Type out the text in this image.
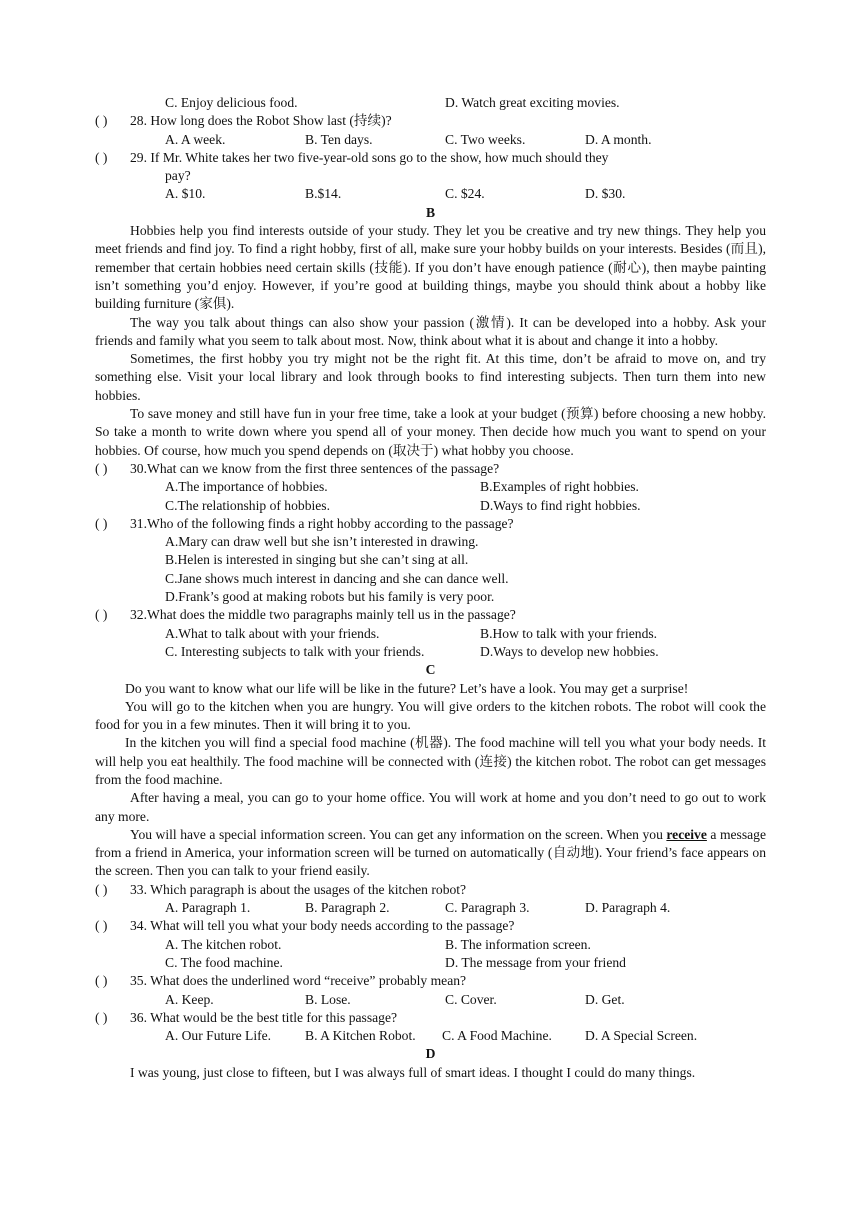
C. Enjoy delicious food.	D. Watch great exciting movies.
( ) 28. How long does the Robot Show last (持续)?
A. A week.	B. Ten days.	C. Two weeks.	D. A month.
( ) 29. If Mr. White takes her two five-year-old sons go to the show, how much should they
pay?
A. $10.	B.$14.	C. $24.	D. $30.
B
Hobbies help you find interests outside of your study. They let you be creative and try new things. They help you meet friends and find joy. To find a right hobby, first of all, make sure your hobby builds on your interests. Besides (而且), remember that certain hobbies need certain skills (技能). If you don’t have enough patience (耐心), then maybe painting isn’t something you’d enjoy. However, if you’re good at building things, maybe you should think about a hobby like building furniture (家俱).
The way you talk about things can also show your passion (激情). It can be developed into a hobby. Ask your friends and family what you seem to talk about most. Now, think about what it is about and change it into a hobby.
Sometimes, the first hobby you try might not be the right fit. At this time, don’t be afraid to move on, and try something else. Visit your local library and look through books to find interesting subjects. Then turn them into new hobbies.
To save money and still have fun in your free time, take a look at your budget (预算) before choosing a new hobby. So take a month to write down where you spend all of your money. Then decide how much you want to spend on your hobbies. Of course, how much you spend depends on (取决于) what hobby you choose.
( ) 30.What can we know from the first three sentences of the passage?
A.The importance of hobbies.	B.Examples of right hobbies.
C.The relationship of hobbies.	D.Ways to find right hobbies.
( ) 31.Who of the following finds a right hobby according to the passage?
A.Mary can draw well but she isn’t interested in drawing.
B.Helen is interested in singing but she can’t sing at all.
C.Jane shows much interest in dancing and she can dance well.
D.Frank’s good at making robots but his family is very poor.
( ) 32.What does the middle two paragraphs mainly tell us in the passage?
A.What to talk about with your friends.	B.How to talk with your friends.
C. Interesting subjects to talk with your friends.	D.Ways to develop new hobbies.
C
Do you want to know what our life will be like in the future? Let’s have a look. You may get a surprise!
You will go to the kitchen when you are hungry. You will give orders to the kitchen robots. The robot will cook the food for you in a few minutes. Then it will bring it to you.
In the kitchen you will find a special food machine (机器). The food machine will tell you what your body needs. It will help you eat healthily. The food machine will be connected with (连接) the kitchen robot. The robot can get messages from the food machine.
After having a meal, you can go to your home office. You will work at home and you don’t need to go out to work any more.
You will have a special information screen. You can get any information on the screen. When you receive a message from a friend in America, your information screen will be turned on automatically (自动地). Your friend’s face appears on the screen. Then you can talk to your friend easily.
( ) 33. Which paragraph is about the usages of the kitchen robot?
A. Paragraph 1.	B. Paragraph 2.	C. Paragraph 3.	D. Paragraph 4.
( ) 34. What will tell you what your body needs according to the passage?
A. The kitchen robot.	B. The information screen.
C. The food machine.	D. The message from your friend
( ) 35. What does the underlined word “receive” probably mean?
A. Keep.	B. Lose.	C. Cover.	D. Get.
( ) 36. What would be the best title for this passage?
A. Our Future Life. B. A Kitchen Robot. C. A Food Machine. D. A Special Screen.
D
I was young, just close to fifteen, but I was always full of smart ideas. I thought I could do many things.
